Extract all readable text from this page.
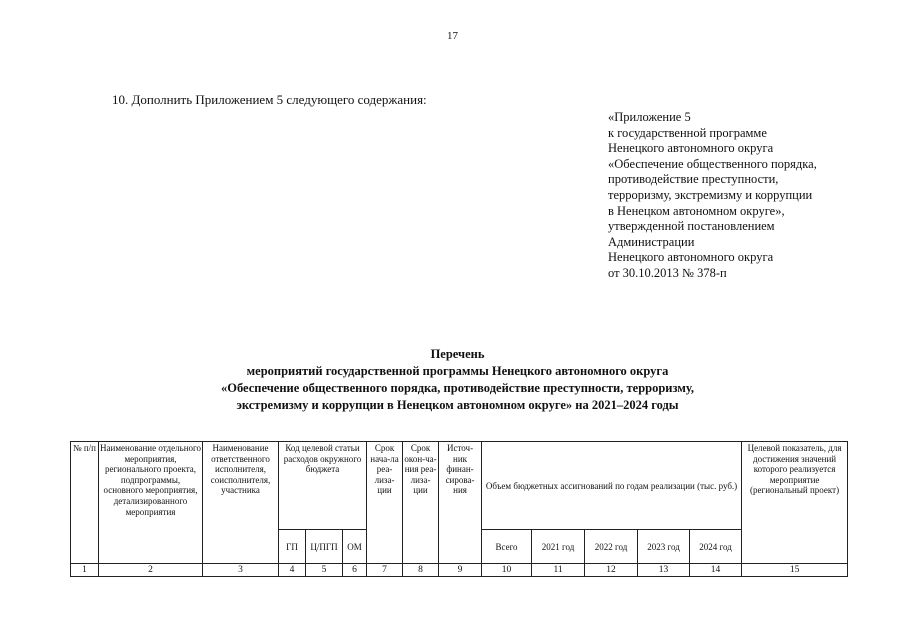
17
10. Дополнить Приложением 5 следующего содержания:
«Приложение 5
к государственной программе
Ненецкого автономного округа
«Обеспечение общественного порядка,
противодействие преступности,
терроризму, экстремизму и коррупции
в Ненецком автономном округе»,
утвержденной постановлением
Администрации
Ненецкого автономного округа
от 30.10.2013 № 378-п
Перечень
мероприятий государственной программы Ненецкого автономного округа
«Обеспечение общественного порядка, противодействие преступности, терроризму,
экстремизму и коррупции в Ненецком автономном округе» на 2021–2024 годы
№ п/п	Наименование отдельного мероприятия, регионального проекта, подпрограммы, основного мероприятия, детализированного мероприятия	Наименование ответственного исполнителя, соисполнителя, участника	Код целевой статьи расходов окружного бюджета			Срок нача-ла реа-лиза-ции	Срок окон-ча-ния реа-лиза-ции	Источ-ник финан-сирова-ния	Объем бюджетных ассигнований по годам реализации (тыс. руб.)					Целевой показатель, для достижения значений которого реализуется мероприятие (региональный проект)
			ГП	Ц/ПГП	ОМ				Всего	2021 год	2022 год	2023 год	2024 год	
1	2	3	4	5	6	7	8	9	10	11	12	13	14	15
